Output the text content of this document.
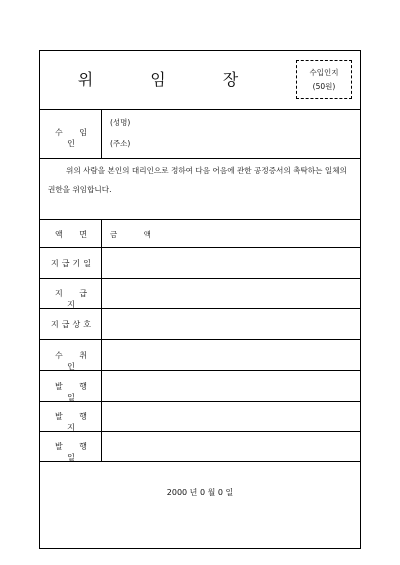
위 임 장	수입인지
(50원)
수 임 인
(성명)
(주소)
위의 사람을 본인의 대리인으로 정하여 다음 어음에 관한 공정증서의 촉탁하는 일체의 권한을 위임합니다.
액 면	금 액
지급기일
지 급 지
지급상호
수 취 인
발 행 일
발 행 지
발 행 일
2000 년 0 월 0 일
